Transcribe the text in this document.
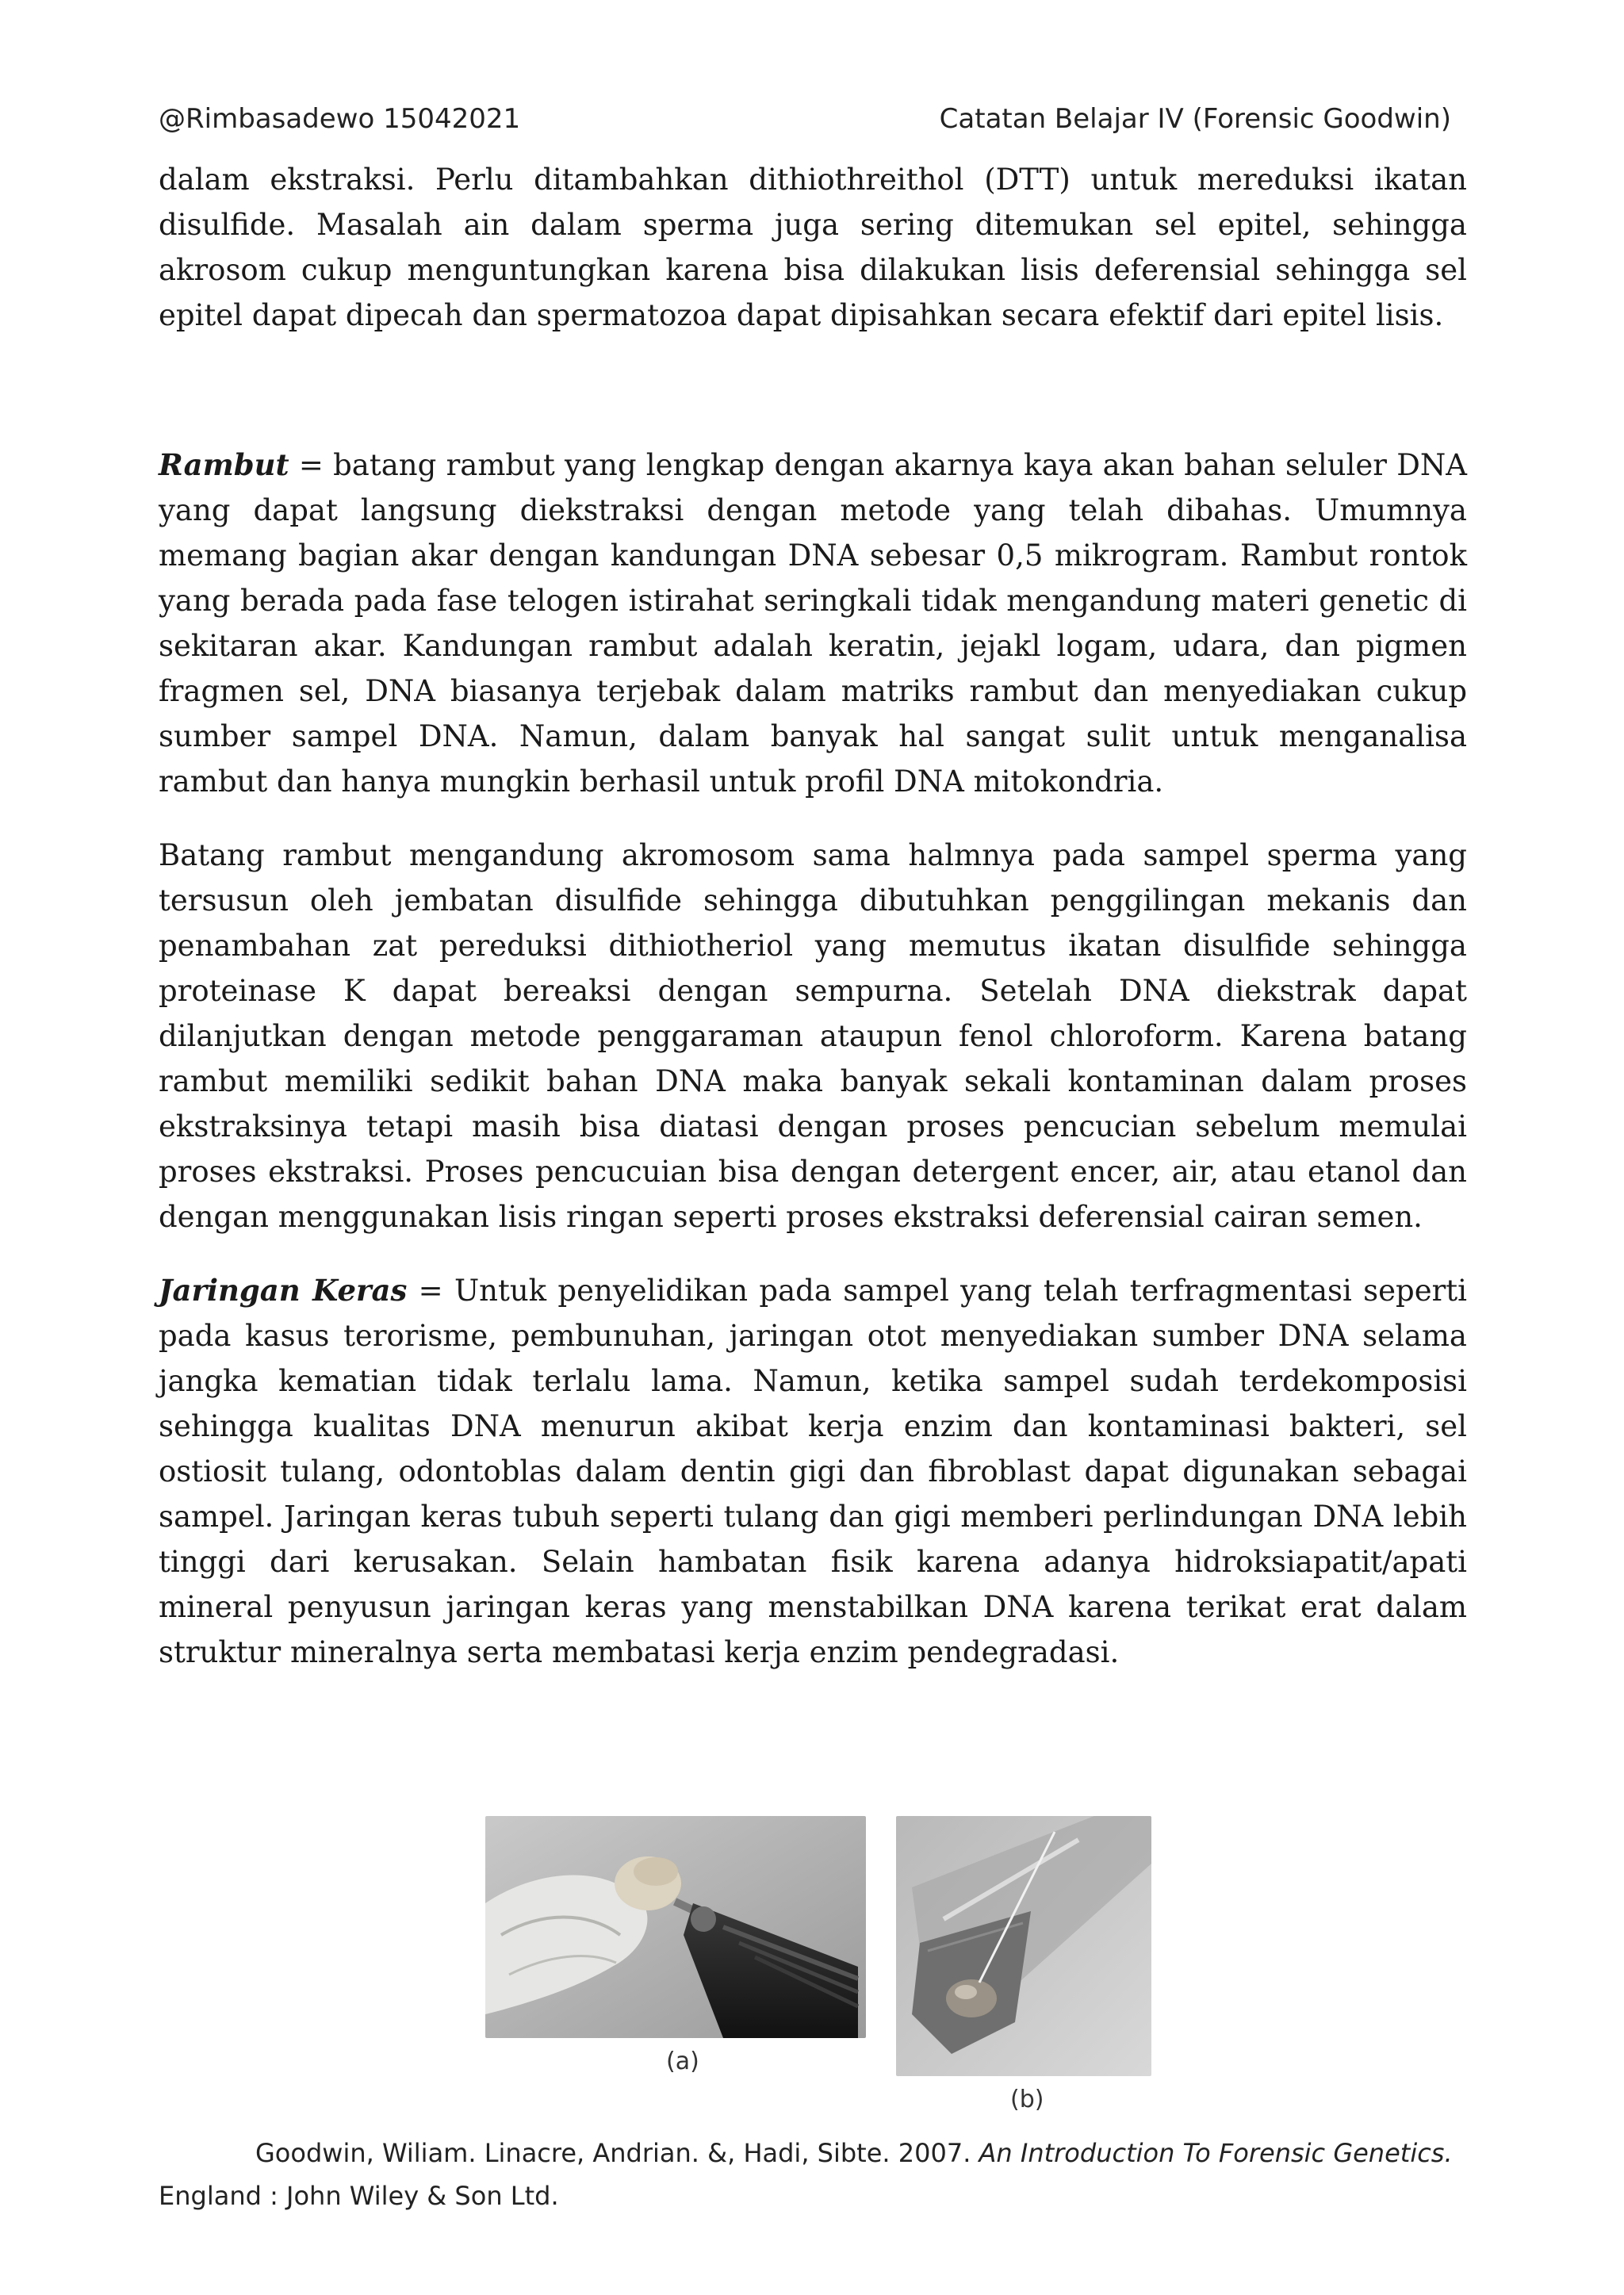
@Rimbasadewo 15042021	Catatan Belajar IV (Forensic Goodwin)

dalam ekstraksi. Perlu ditambahkan dithiothreithol (DTT) untuk mereduksi ikatan disulfide. Masalah ain dalam sperma juga sering ditemukan sel epitel, sehingga akrosom cukup menguntungkan karena bisa dilakukan lisis deferensial sehingga sel epitel dapat dipecah dan spermatozoa dapat dipisahkan secara efektif dari epitel lisis.

Rambut = batang rambut yang lengkap dengan akarnya kaya akan bahan seluler DNA yang dapat langsung diekstraksi dengan metode yang telah dibahas. Umumnya memang bagian akar dengan kandungan DNA sebesar 0,5 mikrogram. Rambut rontok yang berada pada fase telogen istirahat seringkali tidak mengandung materi genetic di sekitaran akar. Kandungan rambut adalah keratin, jejakl logam, udara, dan pigmen fragmen sel, DNA biasanya terjebak dalam matriks rambut dan menyediakan cukup sumber sampel DNA. Namun, dalam banyak hal sangat sulit untuk menganalisa rambut dan hanya mungkin berhasil untuk profil DNA mitokondria.

Batang rambut mengandung akromosom sama halmnya pada sampel sperma yang tersusun oleh jembatan disulfide sehingga dibutuhkan penggilingan mekanis dan penambahan zat pereduksi dithiotheriol yang memutus ikatan disulfide sehingga proteinase K dapat bereaksi dengan sempurna. Setelah DNA diekstrak dapat dilanjutkan dengan metode penggaraman ataupun fenol chloroform. Karena batang rambut memiliki sedikit bahan DNA maka banyak sekali kontaminan dalam proses ekstraksinya tetapi masih bisa diatasi dengan proses pencucian sebelum memulai proses ekstraksi. Proses pencucuian bisa dengan detergent encer, air, atau etanol dan dengan menggunakan lisis ringan seperti proses ekstraksi deferensial cairan semen.

Jaringan Keras = Untuk penyelidikan pada sampel yang telah terfragmentasi seperti pada kasus terorisme, pembunuhan, jaringan otot menyediakan sumber DNA selama jangka kematian tidak terlalu lama. Namun, ketika sampel sudah terdekomposisi sehingga kualitas DNA menurun akibat kerja enzim dan kontaminasi bakteri, sel ostiosit tulang, odontoblas dalam dentin gigi dan fibroblast dapat digunakan sebagai sampel. Jaringan keras tubuh seperti tulang dan gigi memberi perlindungan DNA lebih tinggi dari kerusakan. Selain hambatan fisik karena adanya hidroksiapatit/apati mineral penyusun jaringan keras yang menstabilkan DNA karena terikat erat dalam struktur mineralnya serta membatasi kerja enzim pendegradasi.

(a)
(b)
Goodwin, Wiliam. Linacre, Andrian. &, Hadi, Sibte. 2007. An Introduction To Forensic Genetics.
England : John Wiley & Son Ltd.
